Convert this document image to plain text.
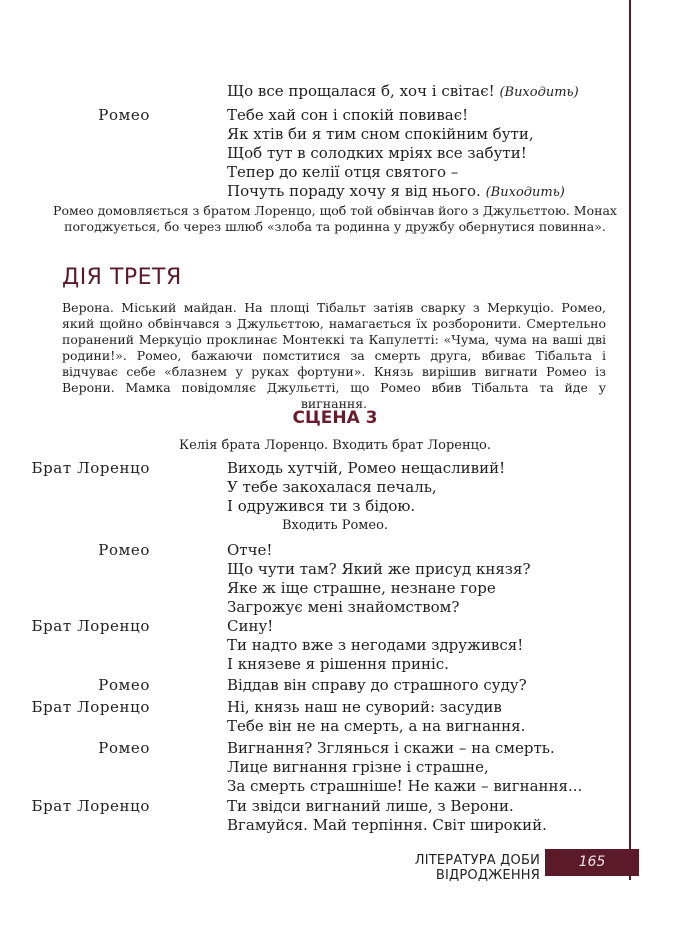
Що все прощалася б, хоч і світає! (Виходить)
Ромео	Тебе хай сон і спокій повиває!
Як хтів би я тим сном спокійним бути,
Щоб тут в солодких мріях все забути!
Тепер до келії отця святого –
Почуть пораду хочу я від нього. (Виходить)
Ромео домовляється з братом Лоренцо, щоб той обвінчав його з Джульєттою. Монах погоджується, бо через шлюб «злоба та родинна у дружбу обернутися повинна».
ДІЯ ТРЕТЯ
Верона. Міський майдан. На площі Тібальт затіяв сварку з Меркуціо. Ромео, який щойно обвінчався з Джульєттою, намагається їх розборонити. Смертельно поранений Меркуціо проклинає Монтеккі та Капулетті: «Чума, чума на ваші дві родини!». Ромео, бажаючи помститися за смерть друга, вбиває Тібальта і відчуває себе «блазнем у руках фортуни». Князь вирішив вигнати Ромео із Верони. Мамка повідомляє Джульєтті, що Ромео вбив Тібальта та йде у вигнання.
СЦЕНА 3
Келія брата Лоренцо. Входить брат Лоренцо.
Брат Лоренцо	Виходь хутчій, Ромео нещасливий!
У тебе закохалася печаль,
І одружився ти з бідою.
Входить Ромео.
Ромео	Отче!
Що чути там? Який же присуд князя?
Яке ж іще страшне, незнане горе
Загрожує мені знайомством?
Брат Лоренцо	Сину!
Ти надто вже з негодами здружився!
І князеве я рішення приніс.
Ромео	Віддав він справу до страшного суду?
Брат Лоренцо	Ні, князь наш не суворий: засудив
Тебе він не на смерть, а на вигнання.
Ромео	Вигнання? Зглянься і скажи – на смерть.
Лице вигнання грізне і страшне,
За смерть страшніше! Не кажи – вигнання...
Брат Лоренцо	Ти звідси вигнаний лише, з Верони.
Вгамуйся. Май терпіння. Світ широкий.
ЛІТЕРАТУРА ДОБИ ВІДРОДЖЕННЯ
165
